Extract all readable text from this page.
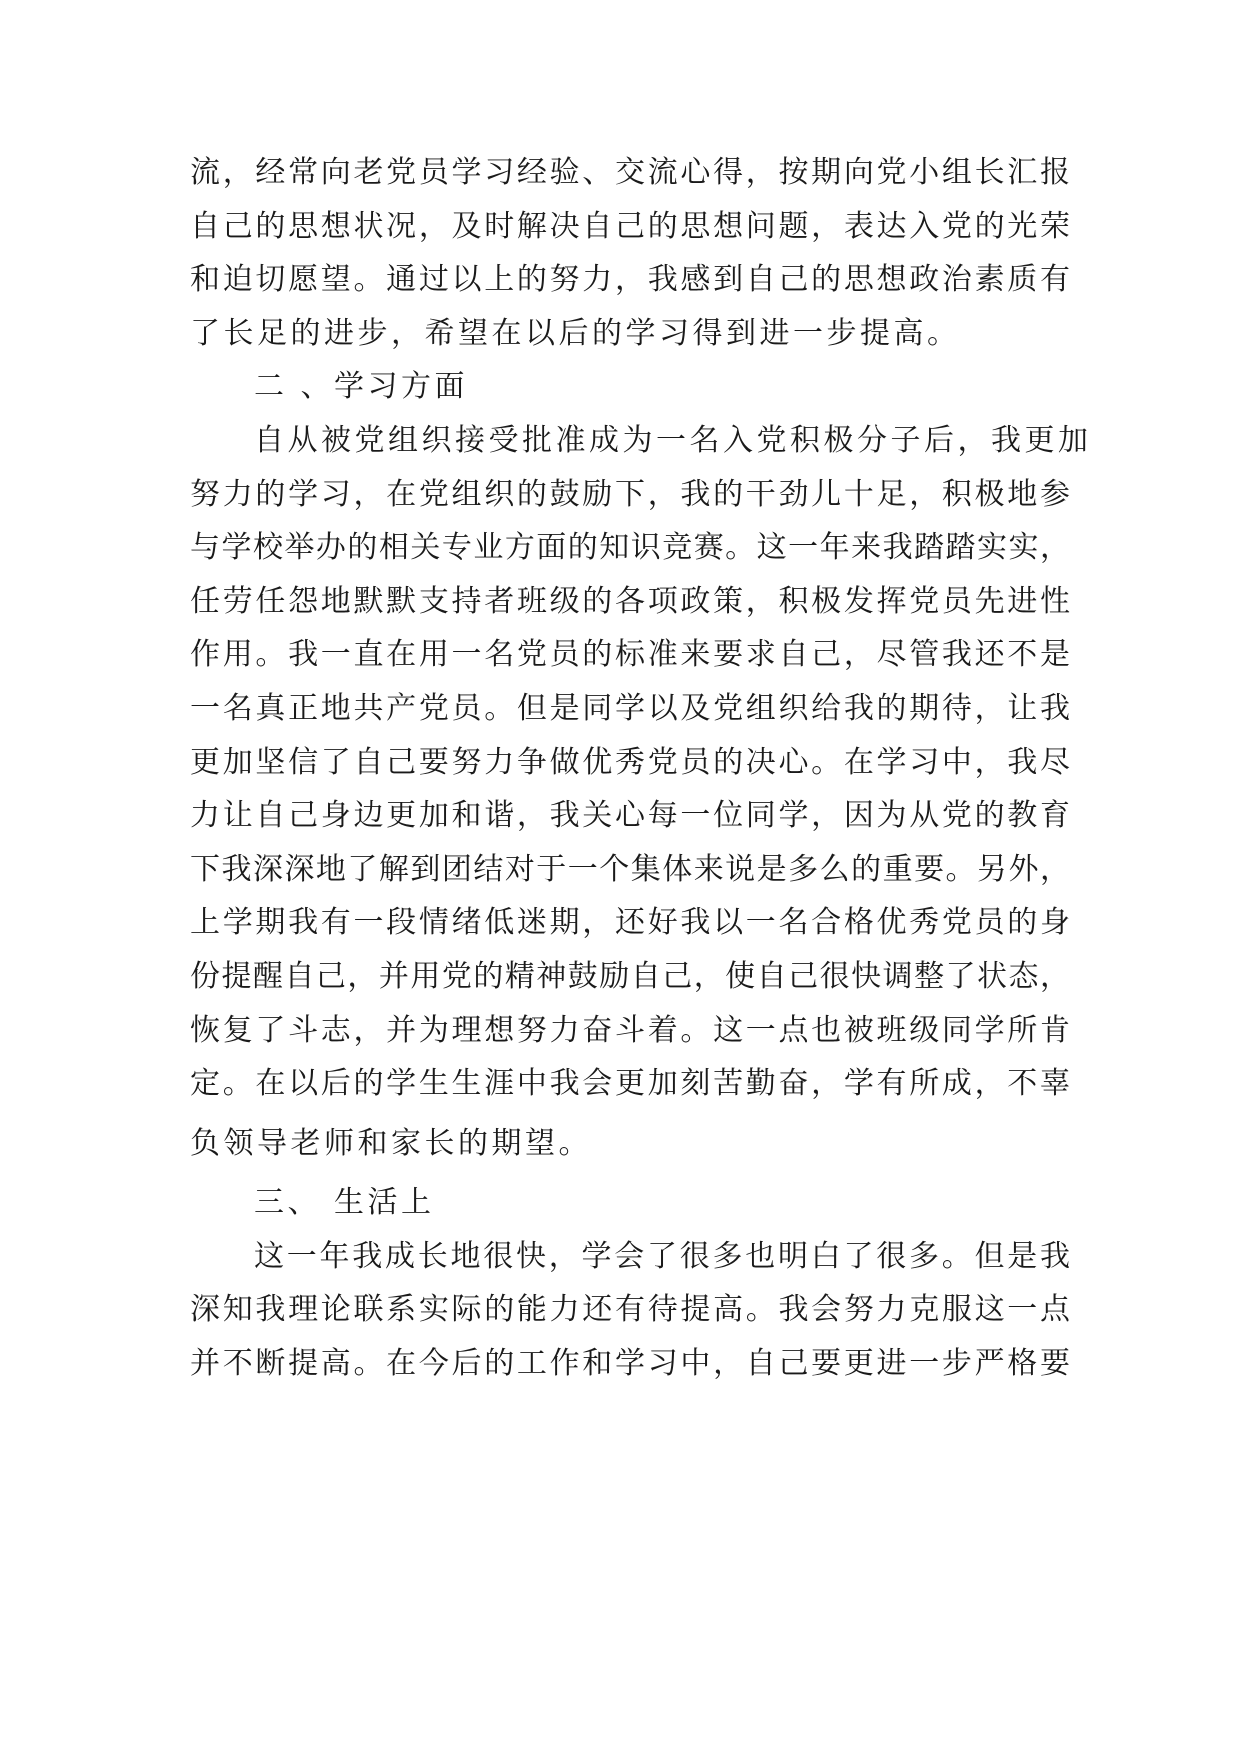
流，经常向老党员学习经验、交流心得，按期向党小组长汇报
自己的思想状况，及时解决自己的思想问题，表达入党的光荣
和迫切愿望。通过以上的努力，我感到自己的思想政治素质有
了长足的进步，希望在以后的学习得到进一步提高。
二 、学习方面
自从被党组织接受批准成为一名入党积极分子后，我更加
努力的学习，在党组织的鼓励下，我的干劲儿十足，积极地参
与学校举办的相关专业方面的知识竞赛。这一年来我踏踏实实，
任劳任怨地默默支持者班级的各项政策，积极发挥党员先进性
作用。我一直在用一名党员的标准来要求自己，尽管我还不是
一名真正地共产党员。但是同学以及党组织给我的期待，让我
更加坚信了自己要努力争做优秀党员的决心。在学习中，我尽
力让自己身边更加和谐，我关心每一位同学，因为从党的教育
下我深深地了解到团结对于一个集体来说是多么的重要。另外，
上学期我有一段情绪低迷期，还好我以一名合格优秀党员的身
份提醒自己，并用党的精神鼓励自己，使自己很快调整了状态，
恢复了斗志，并为理想努力奋斗着。这一点也被班级同学所肯
定。在以后的学生生涯中我会更加刻苦勤奋，学有所成，不辜
负领导老师和家长的期望。
三、 生活上
这一年我成长地很快，学会了很多也明白了很多。但是我
深知我理论联系实际的能力还有待提高。我会努力克服这一点
并不断提高。在今后的工作和学习中，自己要更进一步严格要
